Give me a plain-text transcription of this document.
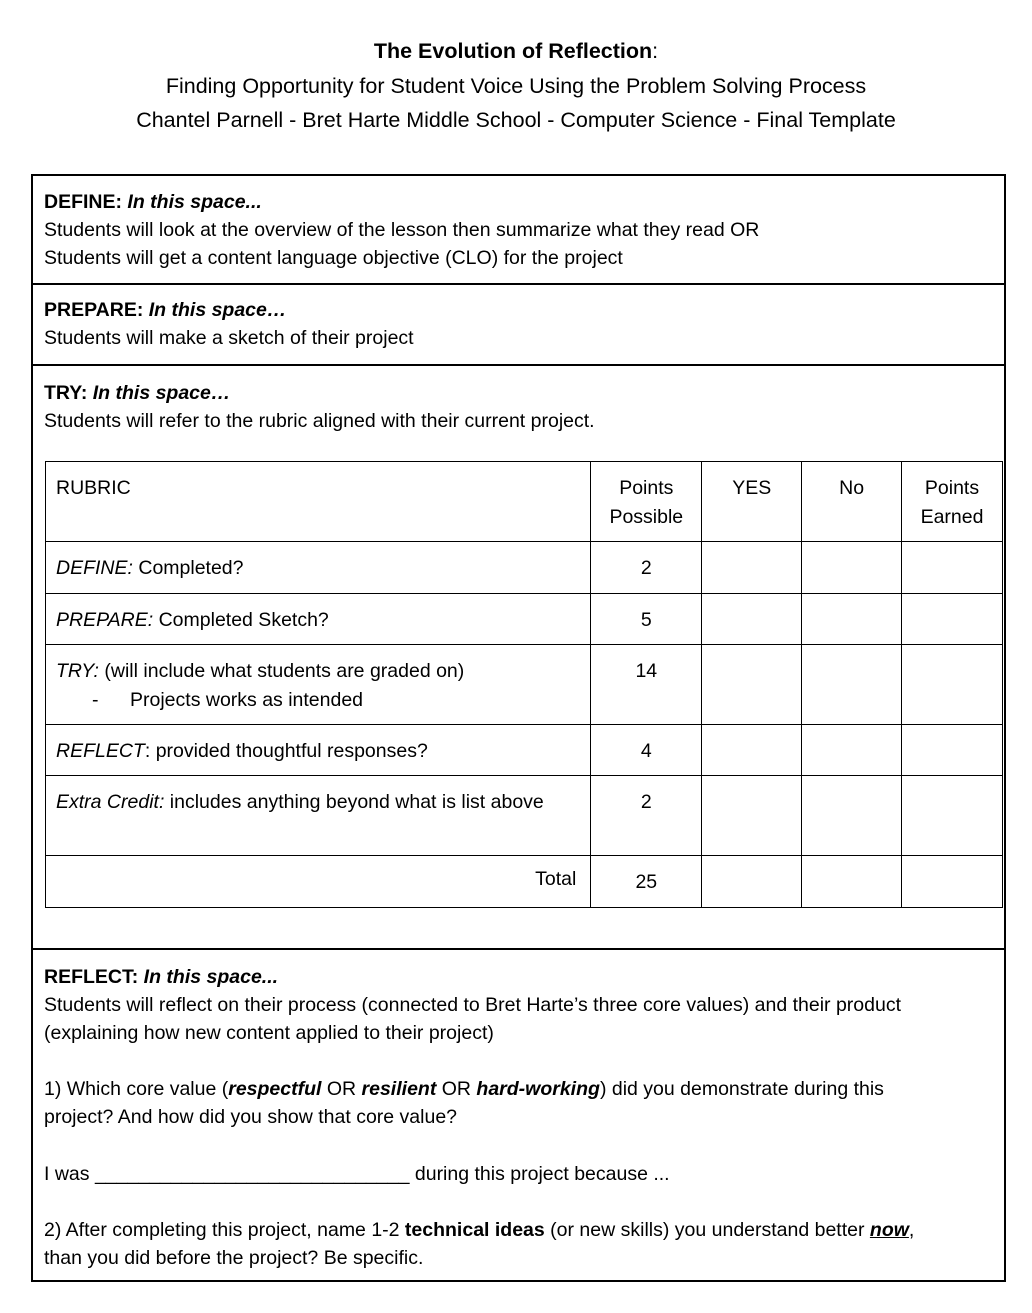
The Evolution of Reflection:
Finding Opportunity for Student Voice Using the Problem Solving Process
Chantel Parnell - Bret Harte Middle School - Computer Science - Final Template
DEFINE: In this space...
Students will look at the overview of the lesson then summarize what they read OR
Students will get a content language objective (CLO) for the project
PREPARE: In this space…
Students will make a sketch of their project
TRY: In this space…
Students will refer to the rubric aligned with their current project.
RUBRIC	Points Possible	YES	No	Points Earned
DEFINE: Completed?	2			
PREPARE: Completed Sketch?	5			

TRY: (will include what students are graded on)
- Projects works as intended	14			
REFLECT: provided thoughtful responses?	4			
Extra Credit: includes anything beyond what is list above	2			
Total	25			
REFLECT: In this space...
Students will reflect on their process (connected to Bret Harte’s three core values) and their product
(explaining how new content applied to their project)
1) Which core value (respectful OR resilient OR hard-working) did you demonstrate during this
project? And how did you show that core value?
I was _____________________________ during this project because ...
2) After completing this project, name 1-2 technical ideas (or new skills) you understand better now,
than you did before the project? Be specific.
